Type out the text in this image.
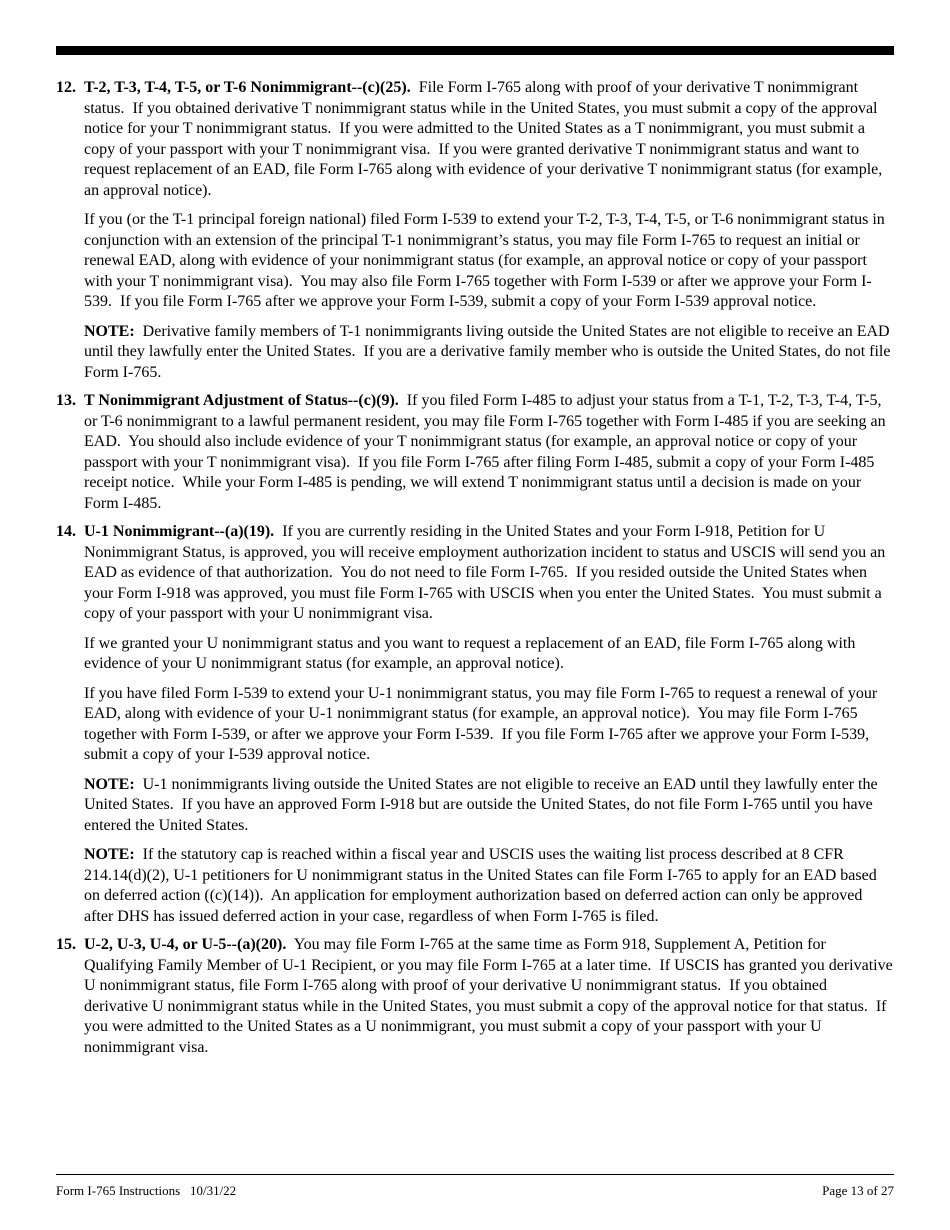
12. T-2, T-3, T-4, T-5, or T-6 Nonimmigrant--(c)(25).  File Form I-765 along with proof of your derivative T nonimmigrant status.  If you obtained derivative T nonimmigrant status while in the United States, you must submit a copy of the approval notice for your T nonimmigrant status.  If you were admitted to the United States as a T nonimmigrant, you must submit a copy of your passport with your T nonimmigrant visa.  If you were granted derivative T nonimmigrant status and want to request replacement of an EAD, file Form I-765 along with evidence of your derivative T nonimmigrant status (for example, an approval notice).

If you (or the T-1 principal foreign national) filed Form I-539 to extend your T-2, T-3, T-4, T-5, or T-6 nonimmigrant status in conjunction with an extension of the principal T-1 nonimmigrant’s status, you may file Form I-765 to request an initial or renewal EAD, along with evidence of your nonimmigrant status (for example, an approval notice or copy of your passport with your T nonimmigrant visa).  You may also file Form I-765 together with Form I-539 or after we approve your Form I-539.  If you file Form I-765 after we approve your Form I-539, submit a copy of your Form I-539 approval notice.

NOTE:  Derivative family members of T-1 nonimmigrants living outside the United States are not eligible to receive an EAD until they lawfully enter the United States.  If you are a derivative family member who is outside the United States, do not file Form I-765.

13. T Nonimmigrant Adjustment of Status--(c)(9).  If you filed Form I-485 to adjust your status from a T-1, T-2, T-3, T-4, T-5, or T-6 nonimmigrant to a lawful permanent resident, you may file Form I-765 together with Form I-485 if you are seeking an EAD.  You should also include evidence of your T nonimmigrant status (for example, an approval notice or copy of your passport with your T nonimmigrant visa).  If you file Form I-765 after filing Form I-485, submit a copy of your Form I-485 receipt notice.  While your Form I-485 is pending, we will extend T nonimmigrant status until a decision is made on your Form I-485.

14. U-1 Nonimmigrant--(a)(19).  If you are currently residing in the United States and your Form I-918, Petition for U Nonimmigrant Status, is approved, you will receive employment authorization incident to status and USCIS will send you an EAD as evidence of that authorization.  You do not need to file Form I-765.  If you resided outside the United States when your Form I-918 was approved, you must file Form I-765 with USCIS when you enter the United States.  You must submit a copy of your passport with your U nonimmigrant visa.

If we granted your U nonimmigrant status and you want to request a replacement of an EAD, file Form I-765 along with evidence of your U nonimmigrant status (for example, an approval notice).

If you have filed Form I-539 to extend your U-1 nonimmigrant status, you may file Form I-765 to request a renewal of your EAD, along with evidence of your U-1 nonimmigrant status (for example, an approval notice).  You may file Form I-765 together with Form I-539, or after we approve your Form I-539.  If you file Form I-765 after we approve your Form I-539, submit a copy of your I-539 approval notice.

NOTE:  U-1 nonimmigrants living outside the United States are not eligible to receive an EAD until they lawfully enter the United States.  If you have an approved Form I-918 but are outside the United States, do not file Form I-765 until you have entered the United States.

NOTE:  If the statutory cap is reached within a fiscal year and USCIS uses the waiting list process described at 8 CFR 214.14(d)(2), U-1 petitioners for U nonimmigrant status in the United States can file Form I-765 to apply for an EAD based on deferred action ((c)(14)).  An application for employment authorization based on deferred action can only be approved after DHS has issued deferred action in your case, regardless of when Form I-765 is filed.

15. U-2, U-3, U-4, or U-5--(a)(20).  You may file Form I-765 at the same time as Form 918, Supplement A, Petition for Qualifying Family Member of U-1 Recipient, or you may file Form I-765 at a later time.  If USCIS has granted you derivative U nonimmigrant status, file Form I-765 along with proof of your derivative U nonimmigrant status.  If you obtained derivative U nonimmigrant status while in the United States, you must submit a copy of the approval notice for that status.  If you were admitted to the United States as a U nonimmigrant, you must submit a copy of your passport with your U nonimmigrant visa.

Form I-765 Instructions   10/31/22	Page 13 of 27
